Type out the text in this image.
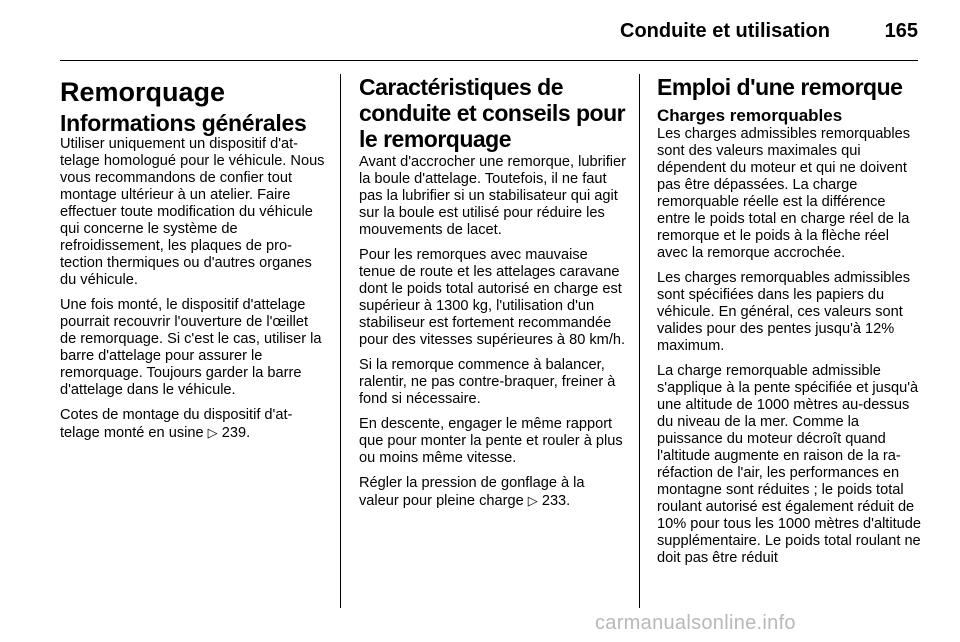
Conduite et utilisation	165
Remorquage
Informations générales

Utiliser uniquement un dispositif d'attelage homologué pour le véhicule. Nous vous recommandons de confier tout montage ultérieur à un atelier. Faire effectuer toute modification du véhicule qui concerne le système de refroidissement, les plaques de protection thermiques ou d'autres organes du véhicule.

Une fois monté, le dispositif d'attelage pourrait recouvrir l'ouverture de l'œillet de remorquage. Si c'est le cas, utiliser la barre d'attelage pour assurer le remorquage. Toujours garder la barre d'attelage dans le véhicule.

Cotes de montage du dispositif d'attelage monté en usine ▷ 239.

Caractéristiques de conduite et conseils pour le remorquage

Avant d'accrocher une remorque, lubrifier la boule d'attelage. Toutefois, il ne faut pas la lubrifier si un stabilisateur qui agit sur la boule est utilisé pour réduire les mouvements de lacet.

Pour les remorques avec mauvaise tenue de route et les attelages caravane dont le poids total autorisé en charge est supérieur à 1300 kg, l'utilisation d'un stabiliseur est fortement recommandée pour des vitesses supérieures à 80 km/h.

Si la remorque commence à balancer, ralentir, ne pas contre-braquer, freiner à fond si nécessaire.

En descente, engager le même rapport que pour monter la pente et rouler à plus ou moins même vitesse.

Régler la pression de gonflage à la valeur pour pleine charge ▷ 233.

Emploi d'une remorque
Charges remorquables

Les charges admissibles remorquables sont des valeurs maximales qui dépendent du moteur et qui ne doivent pas être dépassées. La charge remorquable réelle est la différence entre le poids total en charge réel de la remorque et le poids à la flèche réel avec la remorque accrochée.

Les charges remorquables admissibles sont spécifiées dans les papiers du véhicule. En général, ces valeurs sont valides pour des pentes jusqu'à 12% maximum.

La charge remorquable admissible s'applique à la pente spécifiée et jusqu'à une altitude de 1000 mètres au-dessus du niveau de la mer. Comme la puissance du moteur décroît quand l'altitude augmente en raison de la raréfaction de l'air, les performances en montagne sont réduites ; le poids total roulant autorisé est également réduit de 10% pour tous les 1000 mètres d'altitude supplémentaire. Le poids total roulant ne doit pas être réduit

carmanualsonline.info
